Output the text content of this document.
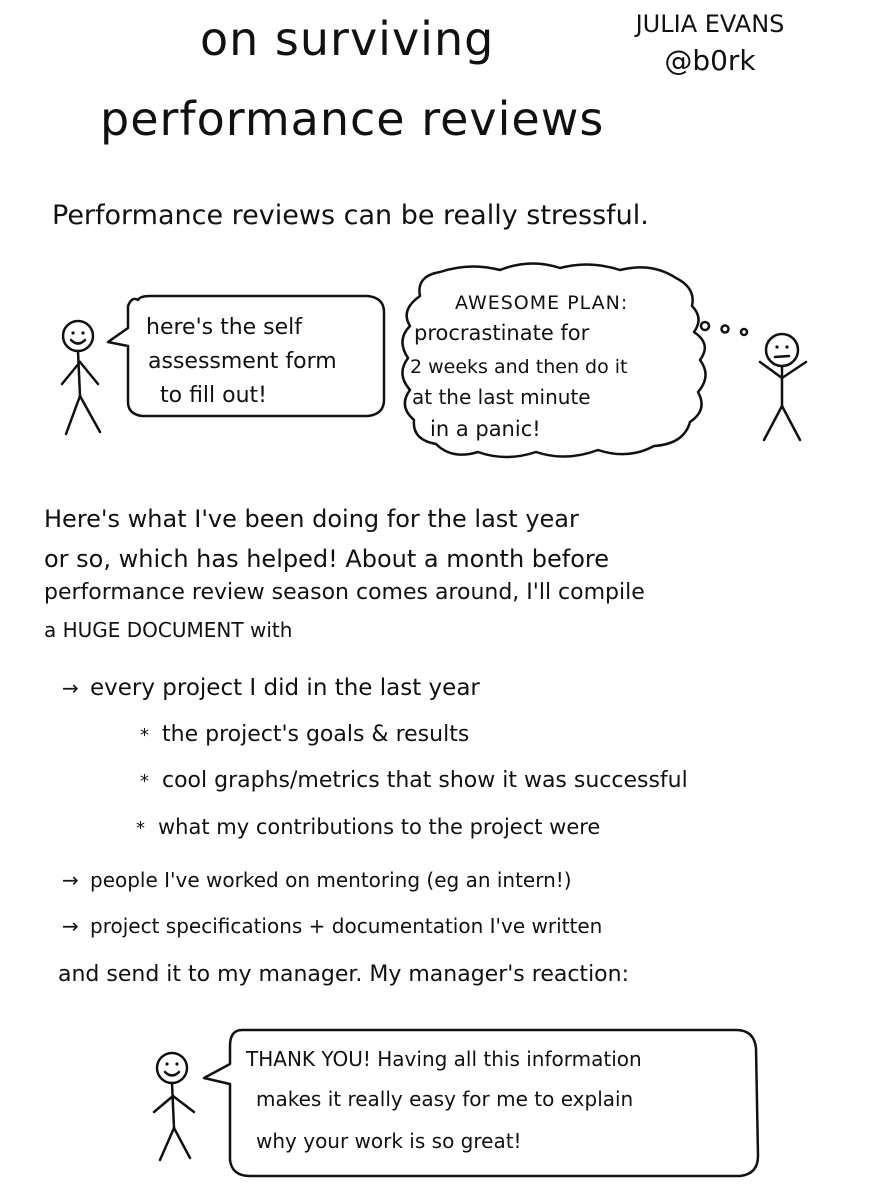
on surviving
performance reviews
JULIA EVANS
@b0rk
Performance reviews can be really stressful.
here's the self
assessment form
to fill out!
AWESOME PLAN:
procrastinate for
2 weeks and then do it
at the last minute
in a panic!
Here's what I've been doing for the last year
or so, which has helped! About a month before
performance review season comes around, I'll compile
a HUGE DOCUMENT with
→ every project I did in the last year
* the project's goals & results
* cool graphs/metrics that show it was successful
* what my contributions to the project were
→ people I've worked on mentoring (eg an intern!)
→ project specifications + documentation I've written
and send it to my manager. My manager's reaction:
THANK YOU! Having all this information
makes it really easy for me to explain
why your work is so great!
